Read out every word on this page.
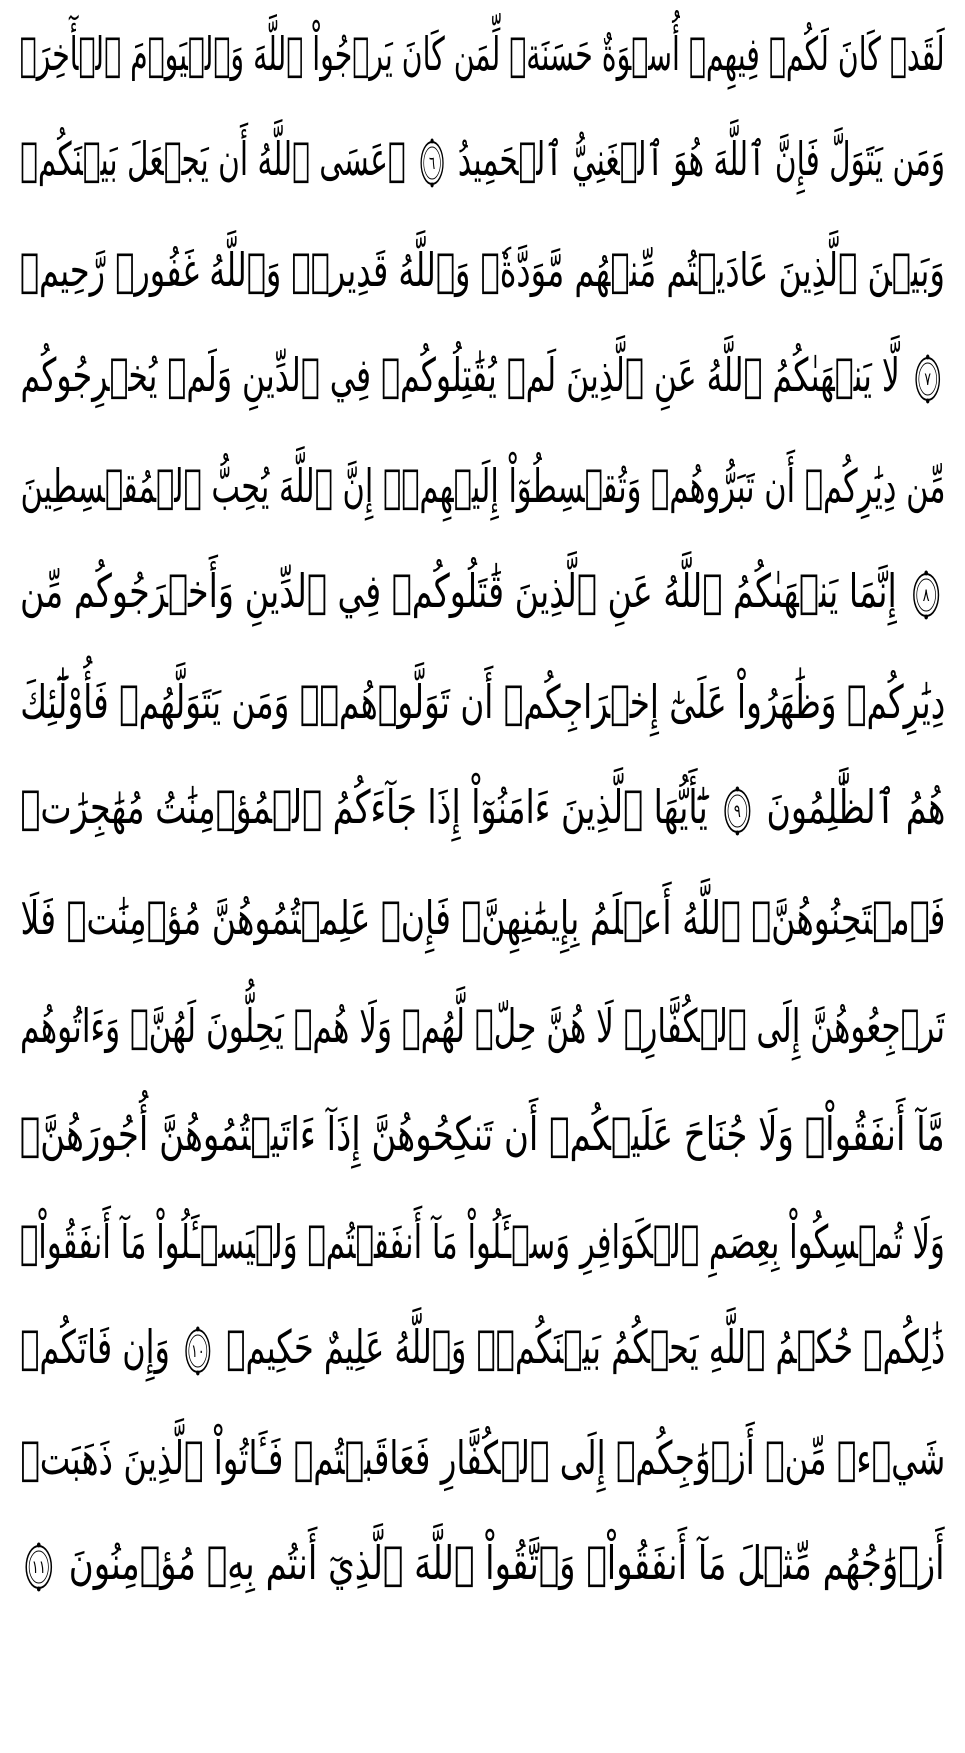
لَقَدۡ كَانَ لَكُمۡ فِيهِمۡ أُسۡوَةٌ حَسَنَةٞ لِّمَن كَانَ يَرۡجُواْ ٱللَّهَ وَٱلۡيَوۡمَ ٱلۡأٓخِرَۚ
وَمَن يَتَوَلَّ فَإِنَّ ٱللَّهَ هُوَ ٱلۡغَنِيُّ ٱلۡحَمِيدُ
٦
۞عَسَى ٱللَّهُ أَن يَجۡعَلَ بَيۡنَكُمۡ
وَبَيۡنَ ٱلَّذِينَ عَادَيۡتُم مِّنۡهُم مَّوَدَّةٗۚ وَٱللَّهُ قَدِيرٞۚ وَٱللَّهُ غَفُورٞ رَّحِيمٞ
٧
لَّا يَنۡهَىٰكُمُ ٱللَّهُ عَنِ ٱلَّذِينَ لَمۡ يُقَٰتِلُوكُمۡ فِي ٱلدِّينِ وَلَمۡ يُخۡرِجُوكُم
مِّن دِيَٰرِكُمۡ أَن تَبَرُّوهُمۡ وَتُقۡسِطُوٓاْ إِلَيۡهِمۡۚ إِنَّ ٱللَّهَ يُحِبُّ ٱلۡمُقۡسِطِينَ
٨
إِنَّمَا يَنۡهَىٰكُمُ ٱللَّهُ عَنِ ٱلَّذِينَ قَٰتَلُوكُمۡ فِي ٱلدِّينِ وَأَخۡرَجُوكُم مِّن
دِيَٰرِكُمۡ وَظَٰهَرُواْ عَلَىٰٓ إِخۡرَاجِكُمۡ أَن تَوَلَّوۡهُمۡۚ وَمَن يَتَوَلَّهُمۡ فَأُوْلَٰٓئِكَ
هُمُ ٱلظَّٰلِمُونَ
٩
يَٰٓأَيُّهَا ٱلَّذِينَ ءَامَنُوٓاْ إِذَا جَآءَكُمُ ٱلۡمُؤۡمِنَٰتُ مُهَٰجِرَٰتٖ
فَٱمۡتَحِنُوهُنَّۖ ٱللَّهُ أَعۡلَمُ بِإِيمَٰنِهِنَّۖ فَإِنۡ عَلِمۡتُمُوهُنَّ مُؤۡمِنَٰتٖ فَلَا
تَرۡجِعُوهُنَّ إِلَى ٱلۡكُفَّارِۖ لَا هُنَّ حِلّٞ لَّهُمۡ وَلَا هُمۡ يَحِلُّونَ لَهُنَّۖ وَءَاتُوهُم
مَّآ أَنفَقُواْۚ وَلَا جُنَاحَ عَلَيۡكُمۡ أَن تَنكِحُوهُنَّ إِذَآ ءَاتَيۡتُمُوهُنَّ أُجُورَهُنَّۚ
وَلَا تُمۡسِكُواْ بِعِصَمِ ٱلۡكَوَافِرِ وَسۡـَٔلُواْ مَآ أَنفَقۡتُمۡ وَلۡيَسۡـَٔلُواْ مَآ أَنفَقُواْۚ
ذَٰلِكُمۡ حُكۡمُ ٱللَّهِ يَحۡكُمُ بَيۡنَكُمۡۖ وَٱللَّهُ عَلِيمٌ حَكِيمٞ
١٠
وَإِن فَاتَكُمۡ
شَيۡءٞ مِّنۡ أَزۡوَٰجِكُمۡ إِلَى ٱلۡكُفَّارِ فَعَاقَبۡتُمۡ فَـَٔاتُواْ ٱلَّذِينَ ذَهَبَتۡ
أَزۡوَٰجُهُم مِّثۡلَ مَآ أَنفَقُواْۚ وَٱتَّقُواْ ٱللَّهَ ٱلَّذِيٓ أَنتُم بِهِۦ مُؤۡمِنُونَ
١١
